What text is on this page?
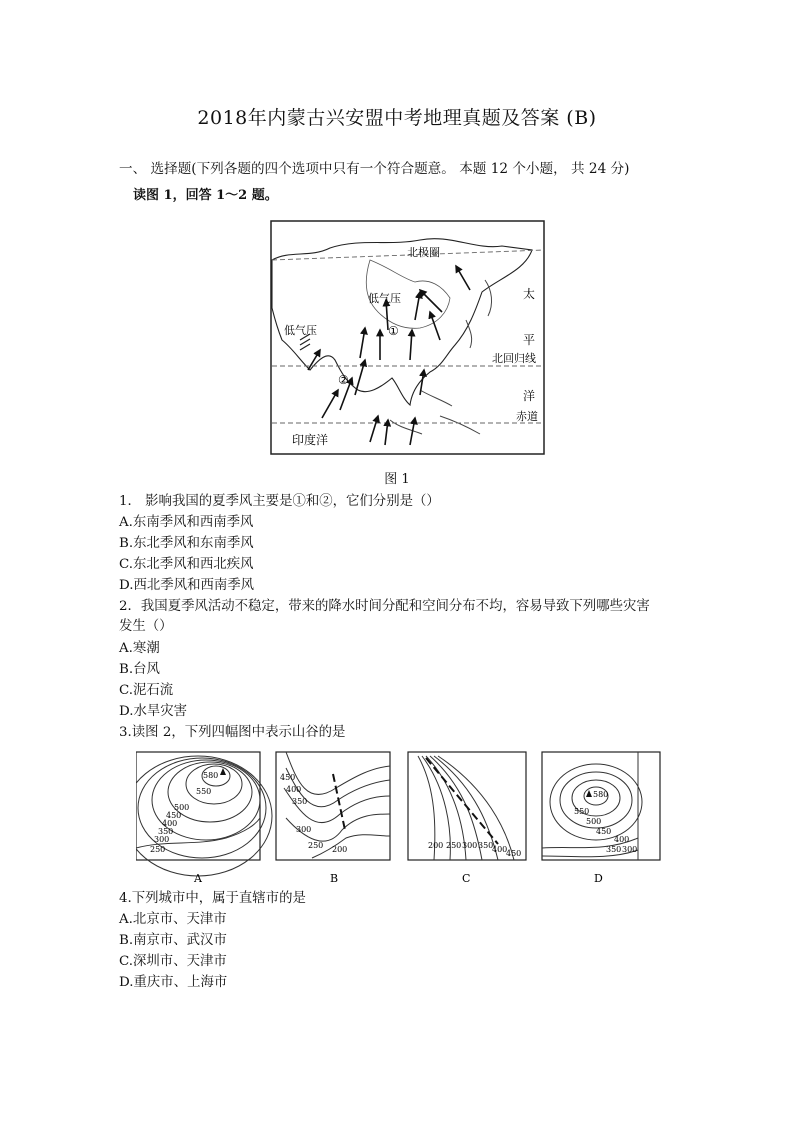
2018年内蒙古兴安盟中考地理真题及答案 (B)
一、 选择题(下列各题的四个选项中只有一个符合题意。 本题 12 个小题， 共 24 分)
读图 1，回答 1～2 题。
北极圈
低气压
低气压	①
②
太
平
北回归线
洋
赤道
印度洋
图 1
1． 影响我国的夏季风主要是①和②，它们分别是（）
A.东南季风和西南季风
B.东北季风和东南季风
C.东北季风和西北疾风
D.西北季风和西南季风
2．我国夏季风活动不稳定，带来的降水时间分配和空间分布不均，容易导致下列哪些灾害
发生（）
A.寒潮
B.台风
C.泥石流
D.水旱灾害
3.读图 2，下列四幅图中表示山谷的是
580
550
500
450
400
350
300
250
A
450
400
350
300
250 200
B
200 250 300 350
400
450
C
580
550
500
450
400
350 300
D
4.下列城市中，属于直辖市的是
A.北京市、天津市
B.南京市、武汉市
C.深圳市、天津市
D.重庆市、上海市
